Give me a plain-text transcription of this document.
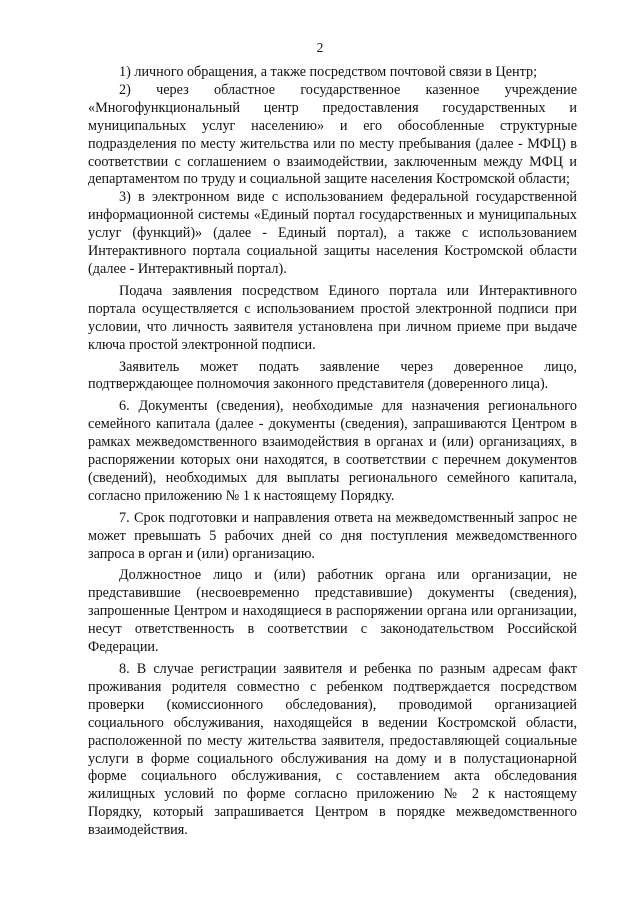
2

1) личного обращения, а также посредством почтовой связи в Центр;

2) через областное государственное казенное учреждение «Многофункциональный центр предоставления государственных и муниципальных услуг населению» и его обособленные структурные подразделения по месту жительства или по месту пребывания (далее - МФЦ) в соответствии с соглашением о взаимодействии, заключенным между МФЦ и департаментом по труду и социальной защите населения Костромской области;

3) в электронном виде с использованием федеральной государственной информационной системы «Единый портал государственных и муниципальных услуг (функций)» (далее - Единый портал), а также с использованием Интерактивного портала социальной защиты населения Костромской области (далее - Интерактивный портал).

Подача заявления посредством Единого портала или Интерактивного портала осуществляется с использованием простой электронной подписи при условии, что личность заявителя установлена при личном приеме при выдаче ключа простой электронной подписи.

Заявитель может подать заявление через доверенное лицо, подтверждающее полномочия законного представителя (доверенного лица).

6. Документы (сведения), необходимые для назначения регионального семейного капитала (далее - документы (сведения), запрашиваются Центром в рамках межведомственного взаимодействия в органах и (или) организациях, в распоряжении которых они находятся, в соответствии с перечнем документов (сведений), необходимых для выплаты регионального семейного капитала, согласно приложению № 1 к настоящему Порядку.

7. Срок подготовки и направления ответа на межведомственный запрос не может превышать 5 рабочих дней со дня поступления межведомственного запроса в орган и (или) организацию.

Должностное лицо и (или) работник органа или организации, не представившие (несвоевременно представившие) документы (сведения), запрошенные Центром и находящиеся в распоряжении органа или организации, несут ответственность в соответствии с законодательством Российской Федерации.

8. В случае регистрации заявителя и ребенка по разным адресам факт проживания родителя совместно с ребенком подтверждается посредством проверки (комиссионного обследования), проводимой организацией социального обслуживания, находящейся в ведении Костромской области, расположенной по месту жительства заявителя, предоставляющей социальные услуги в форме социального обслуживания на дому и в полустационарной форме социального обслуживания, с составлением акта обследования жилищных условий по форме согласно приложению № 2 к настоящему Порядку, который запрашивается Центром в порядке межведомственного взаимодействия.
